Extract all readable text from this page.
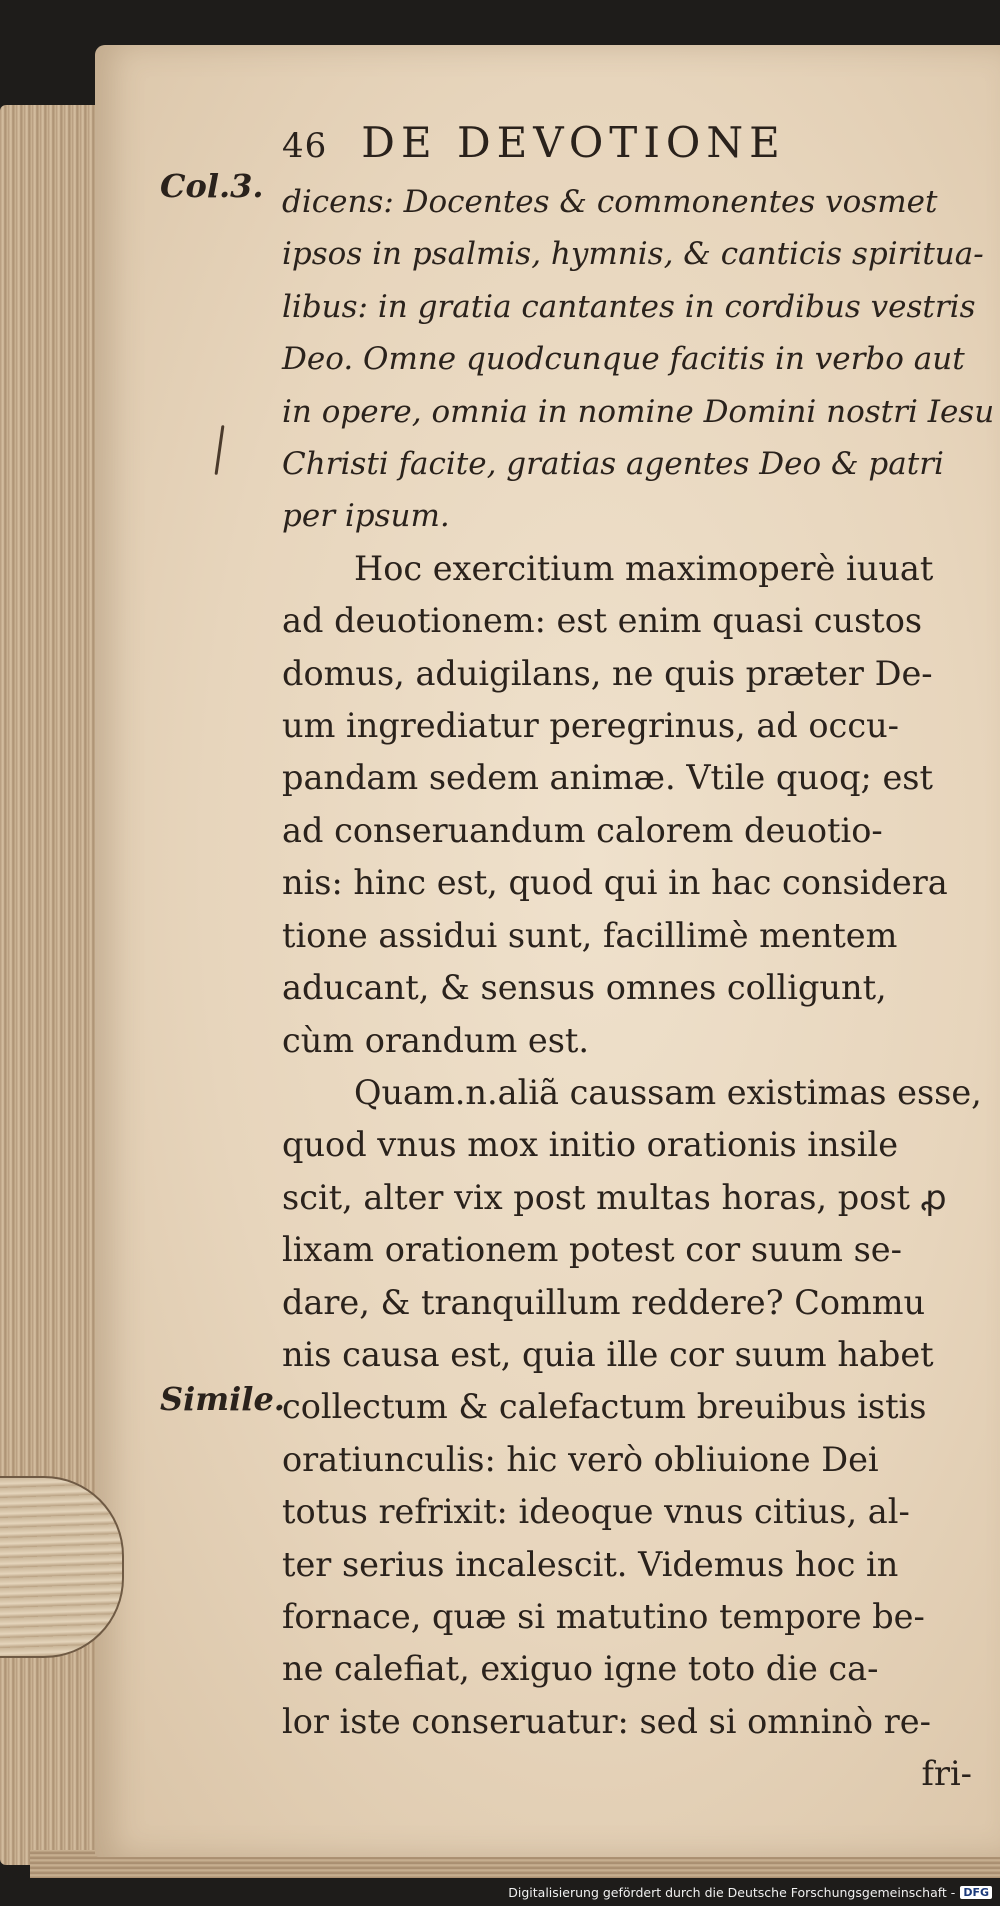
Col.3.
Simile.
46 DE DEVOTIONE
dicens: Docentes & commonentes vosmet
ipsos in psalmis, hymnis, & canticis spiritua-
libus: in gratia cantantes in cordibus vestris
Deo. Omne quodcunque facitis in verbo aut
in opere, omnia in nomine Domini nostri Iesu
Christi facite, gratias agentes Deo & patri
per ipsum.
Hoc exercitium maximoperè iuuat
ad deuotionem: est enim quasi custos
domus, aduigilans, ne quis præter De-
um ingrediatur peregrinus, ad occu-
pandam sedem animæ. Vtile quoq; est
ad conseruandum calorem deuotio-
nis: hinc est, quod qui in hac considera
tione assidui sunt, facillimè mentem
aducant, & sensus omnes colligunt,
cùm orandum est.
Quam.n.aliã caussam existimas esse,
quod vnus mox initio orationis insile
scit, alter vix post multas horas, post ꝓ
lixam orationem potest cor suum se-
dare, & tranquillum reddere? Commu
nis causa est, quia ille cor suum habet
collectum & calefactum breuibus istis
oratiunculis: hic verò obliuione Dei
totus refrixit: ideoque vnus citius, al-
ter serius incalescit. Videmus hoc in
fornace, quæ si matutino tempore be-
ne calefiat, exiguo igne toto die ca-
lor iste conseruatur: sed si omninò re-
fri-
Digitalisierung gefördert durch die Deutsche Forschungsgemeinschaft - DFG
